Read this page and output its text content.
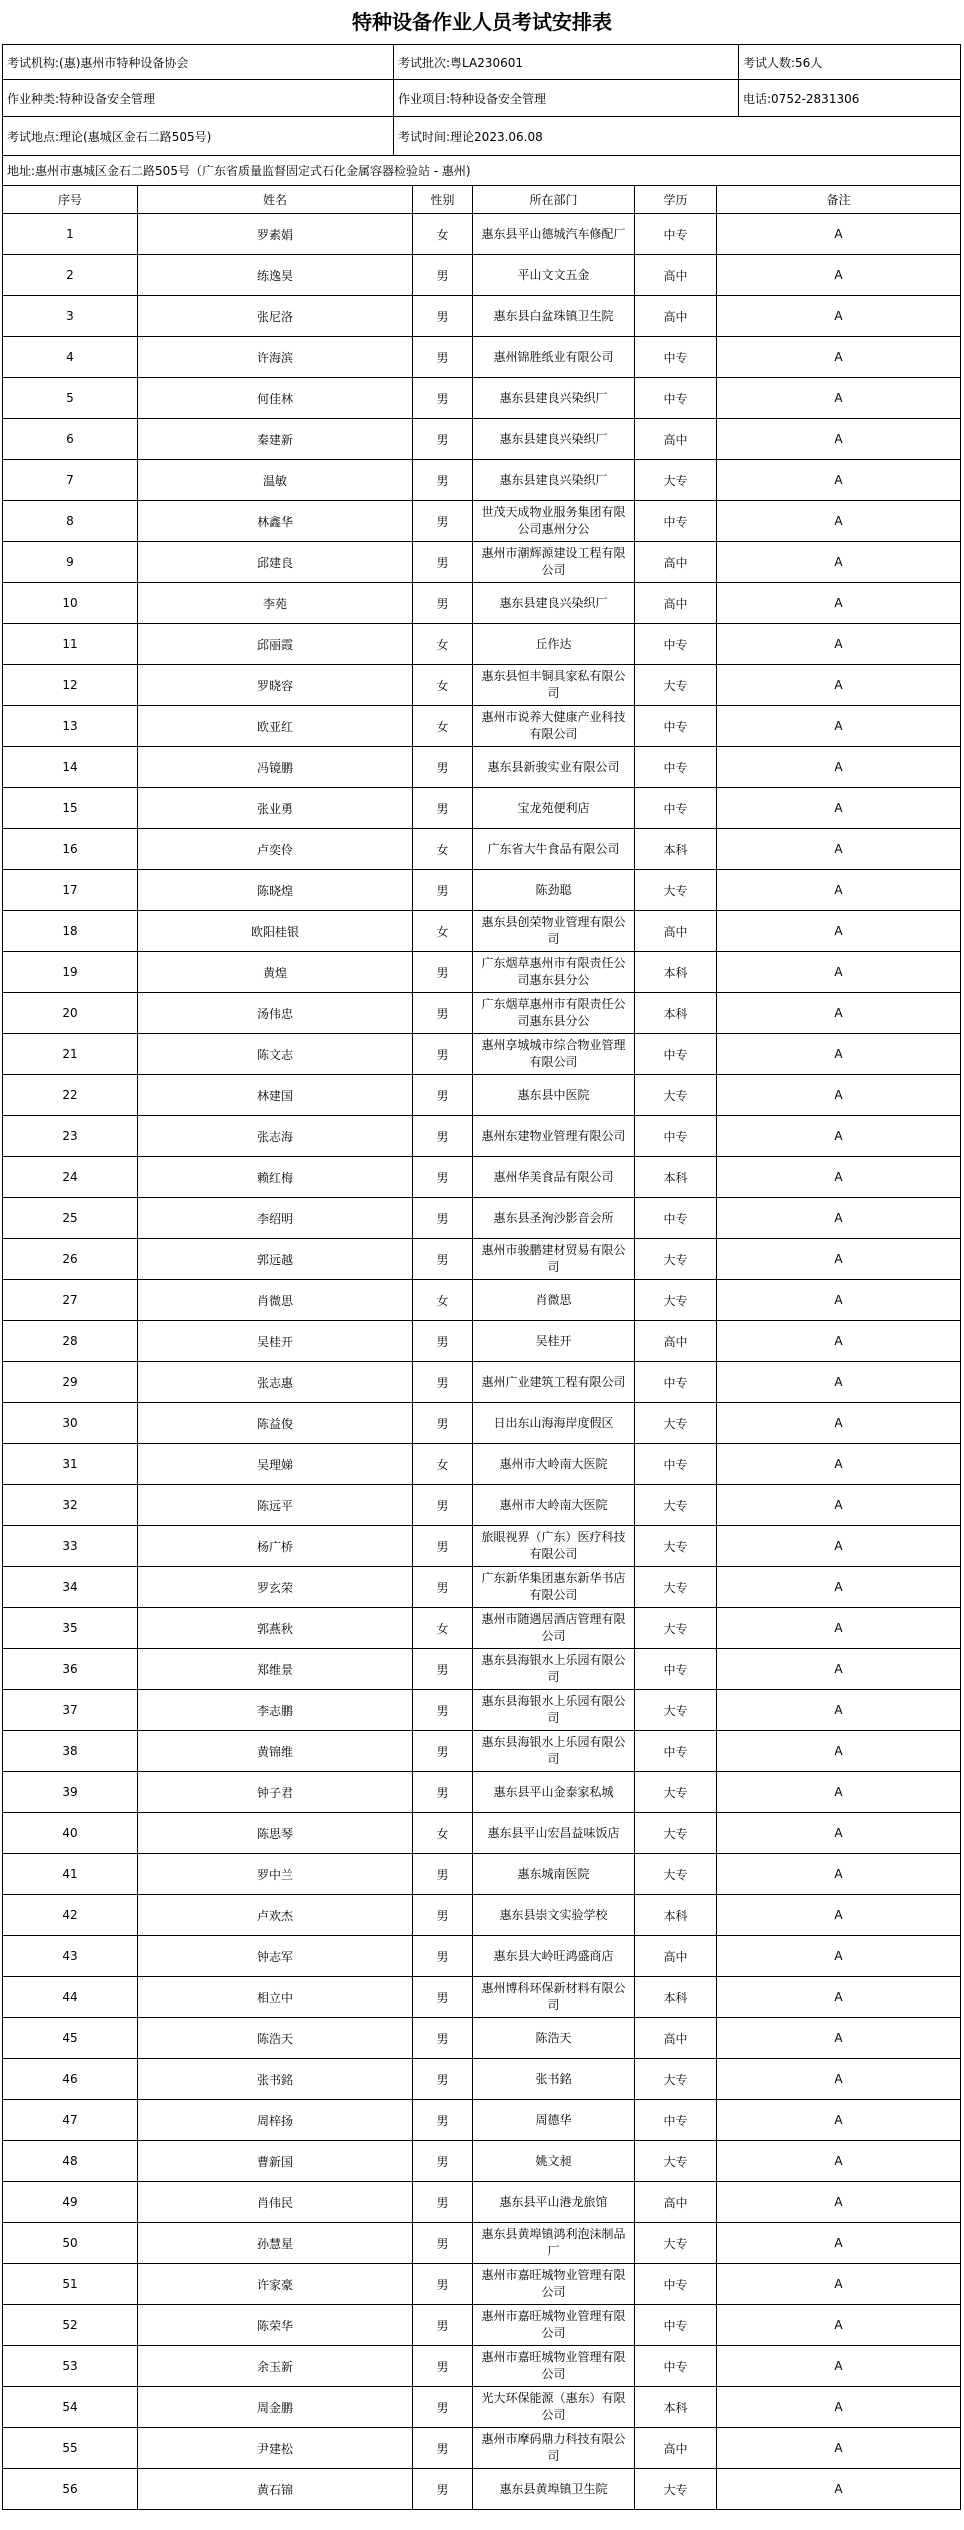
特种设备作业人员考试安排表
考试机构:(惠)惠州市特种设备协会	考试批次:粤LA230601	考试人数:56人
作业种类:特种设备安全管理	作业项目:特种设备安全管理	电话:0752-2831306
考试地点:理论(惠城区金石二路505号)	考试时间:理论2023.06.08	
地址:惠州市惠城区金石二路505号（广东省质量监督固定式石化金属容器检验站 - 惠州)		
序号	姓名	性别	所在部门	学历	备注
1	罗素娟	女	惠东县平山德城汽车修配厂	中专	A
2	练逸昊	男	平山文文五金	高中	A
3	张尼洛	男	惠东县白盆珠镇卫生院	高中	A
4	许海滨	男	惠州锦胜纸业有限公司	中专	A
5	何佳林	男	惠东县建良兴染织厂	中专	A
6	秦建新	男	惠东县建良兴染织厂	高中	A
7	温敏	男	惠东县建良兴染织厂	大专	A
8	林鑫华	男	世茂天成物业服务集团有限公司惠州分公	中专	A
9	邱建良	男	惠州市潮辉源建设工程有限公司	高中	A
10	李苑	男	惠东县建良兴染织厂	高中	A
11	邱丽霞	女	丘作达	中专	A
12	罗晓容	女	惠东县恒丰铜具家私有限公司	大专	A
13	欧亚红	女	惠州市说养大健康产业科技有限公司	中专	A
14	冯镜鹏	男	惠东县新骏实业有限公司	中专	A
15	张业勇	男	宝龙苑便利店	中专	A
16	卢奕伶	女	广东省大牛食品有限公司	本科	A
17	陈晓煌	男	陈劲聪	大专	A
18	欧阳桂银	女	惠东县创荣物业管理有限公司	高中	A
19	黄煌	男	广东烟草惠州市有限责任公司惠东县分公	本科	A
20	汤伟忠	男	广东烟草惠州市有限责任公司惠东县分公	本科	A
21	陈文志	男	惠州享城城市综合物业管理有限公司	中专	A
22	林建国	男	惠东县中医院	大专	A
23	张志海	男	惠州东建物业管理有限公司	中专	A
24	赖红梅	男	惠州华美食品有限公司	本科	A
25	李绍明	男	惠东县圣洵沙影音会所	中专	A
26	郭远越	男	惠州市骏鹏建材贸易有限公司	大专	A
27	肖微思	女	肖微思	大专	A
28	吴桂开	男	吴桂开	高中	A
29	张志惠	男	惠州广业建筑工程有限公司	中专	A
30	陈益俊	男	日出东山海海岸度假区	大专	A
31	吴理娣	女	惠州市大岭南大医院	中专	A
32	陈远平	男	惠州市大岭南大医院	大专	A
33	杨广桥	男	旅眼视界（广东）医疗科技有限公司	大专	A
34	罗玄荣	男	广东新华集团惠东新华书店有限公司	大专	A
35	郭燕秋	女	惠州市随遇居酒店管理有限公司	大专	A
36	郑维景	男	惠东县海银水上乐园有限公司	中专	A
37	李志鹏	男	惠东县海银水上乐园有限公司	大专	A
38	黄锦维	男	惠东县海银水上乐园有限公司	中专	A
39	钟子君	男	惠东县平山金泰家私城	大专	A
40	陈思琴	女	惠东县平山宏昌益味饭店	大专	A
41	罗中兰	男	惠东城南医院	大专	A
42	卢欢杰	男	惠东县崇文实验学校	本科	A
43	钟志军	男	惠东县大岭旺鸿盛商店	高中	A
44	相立中	男	惠州博科环保新材料有限公司	本科	A
45	陈浩天	男	陈浩天	高中	A
46	张书銘	男	张书銘	大专	A
47	周梓扬	男	周德华	中专	A
48	曹新国	男	姚文昶	大专	A
49	肖伟民	男	惠东县平山港龙旅馆	高中	A
50	孙慧星	男	惠东县黄埠镇鸿利泡沫制品厂	大专	A
51	许家豪	男	惠州市嘉旺城物业管理有限公司	中专	A
52	陈荣华	男	惠州市嘉旺城物业管理有限公司	中专	A
53	余玉新	男	惠州市嘉旺城物业管理有限公司	中专	A
54	周金鹏	男	光大环保能源（惠东）有限公司	本科	A
55	尹建松	男	惠州市摩码鼎力科技有限公司	高中	A
56	黄石锦	男	惠东县黄埠镇卫生院	大专	A
